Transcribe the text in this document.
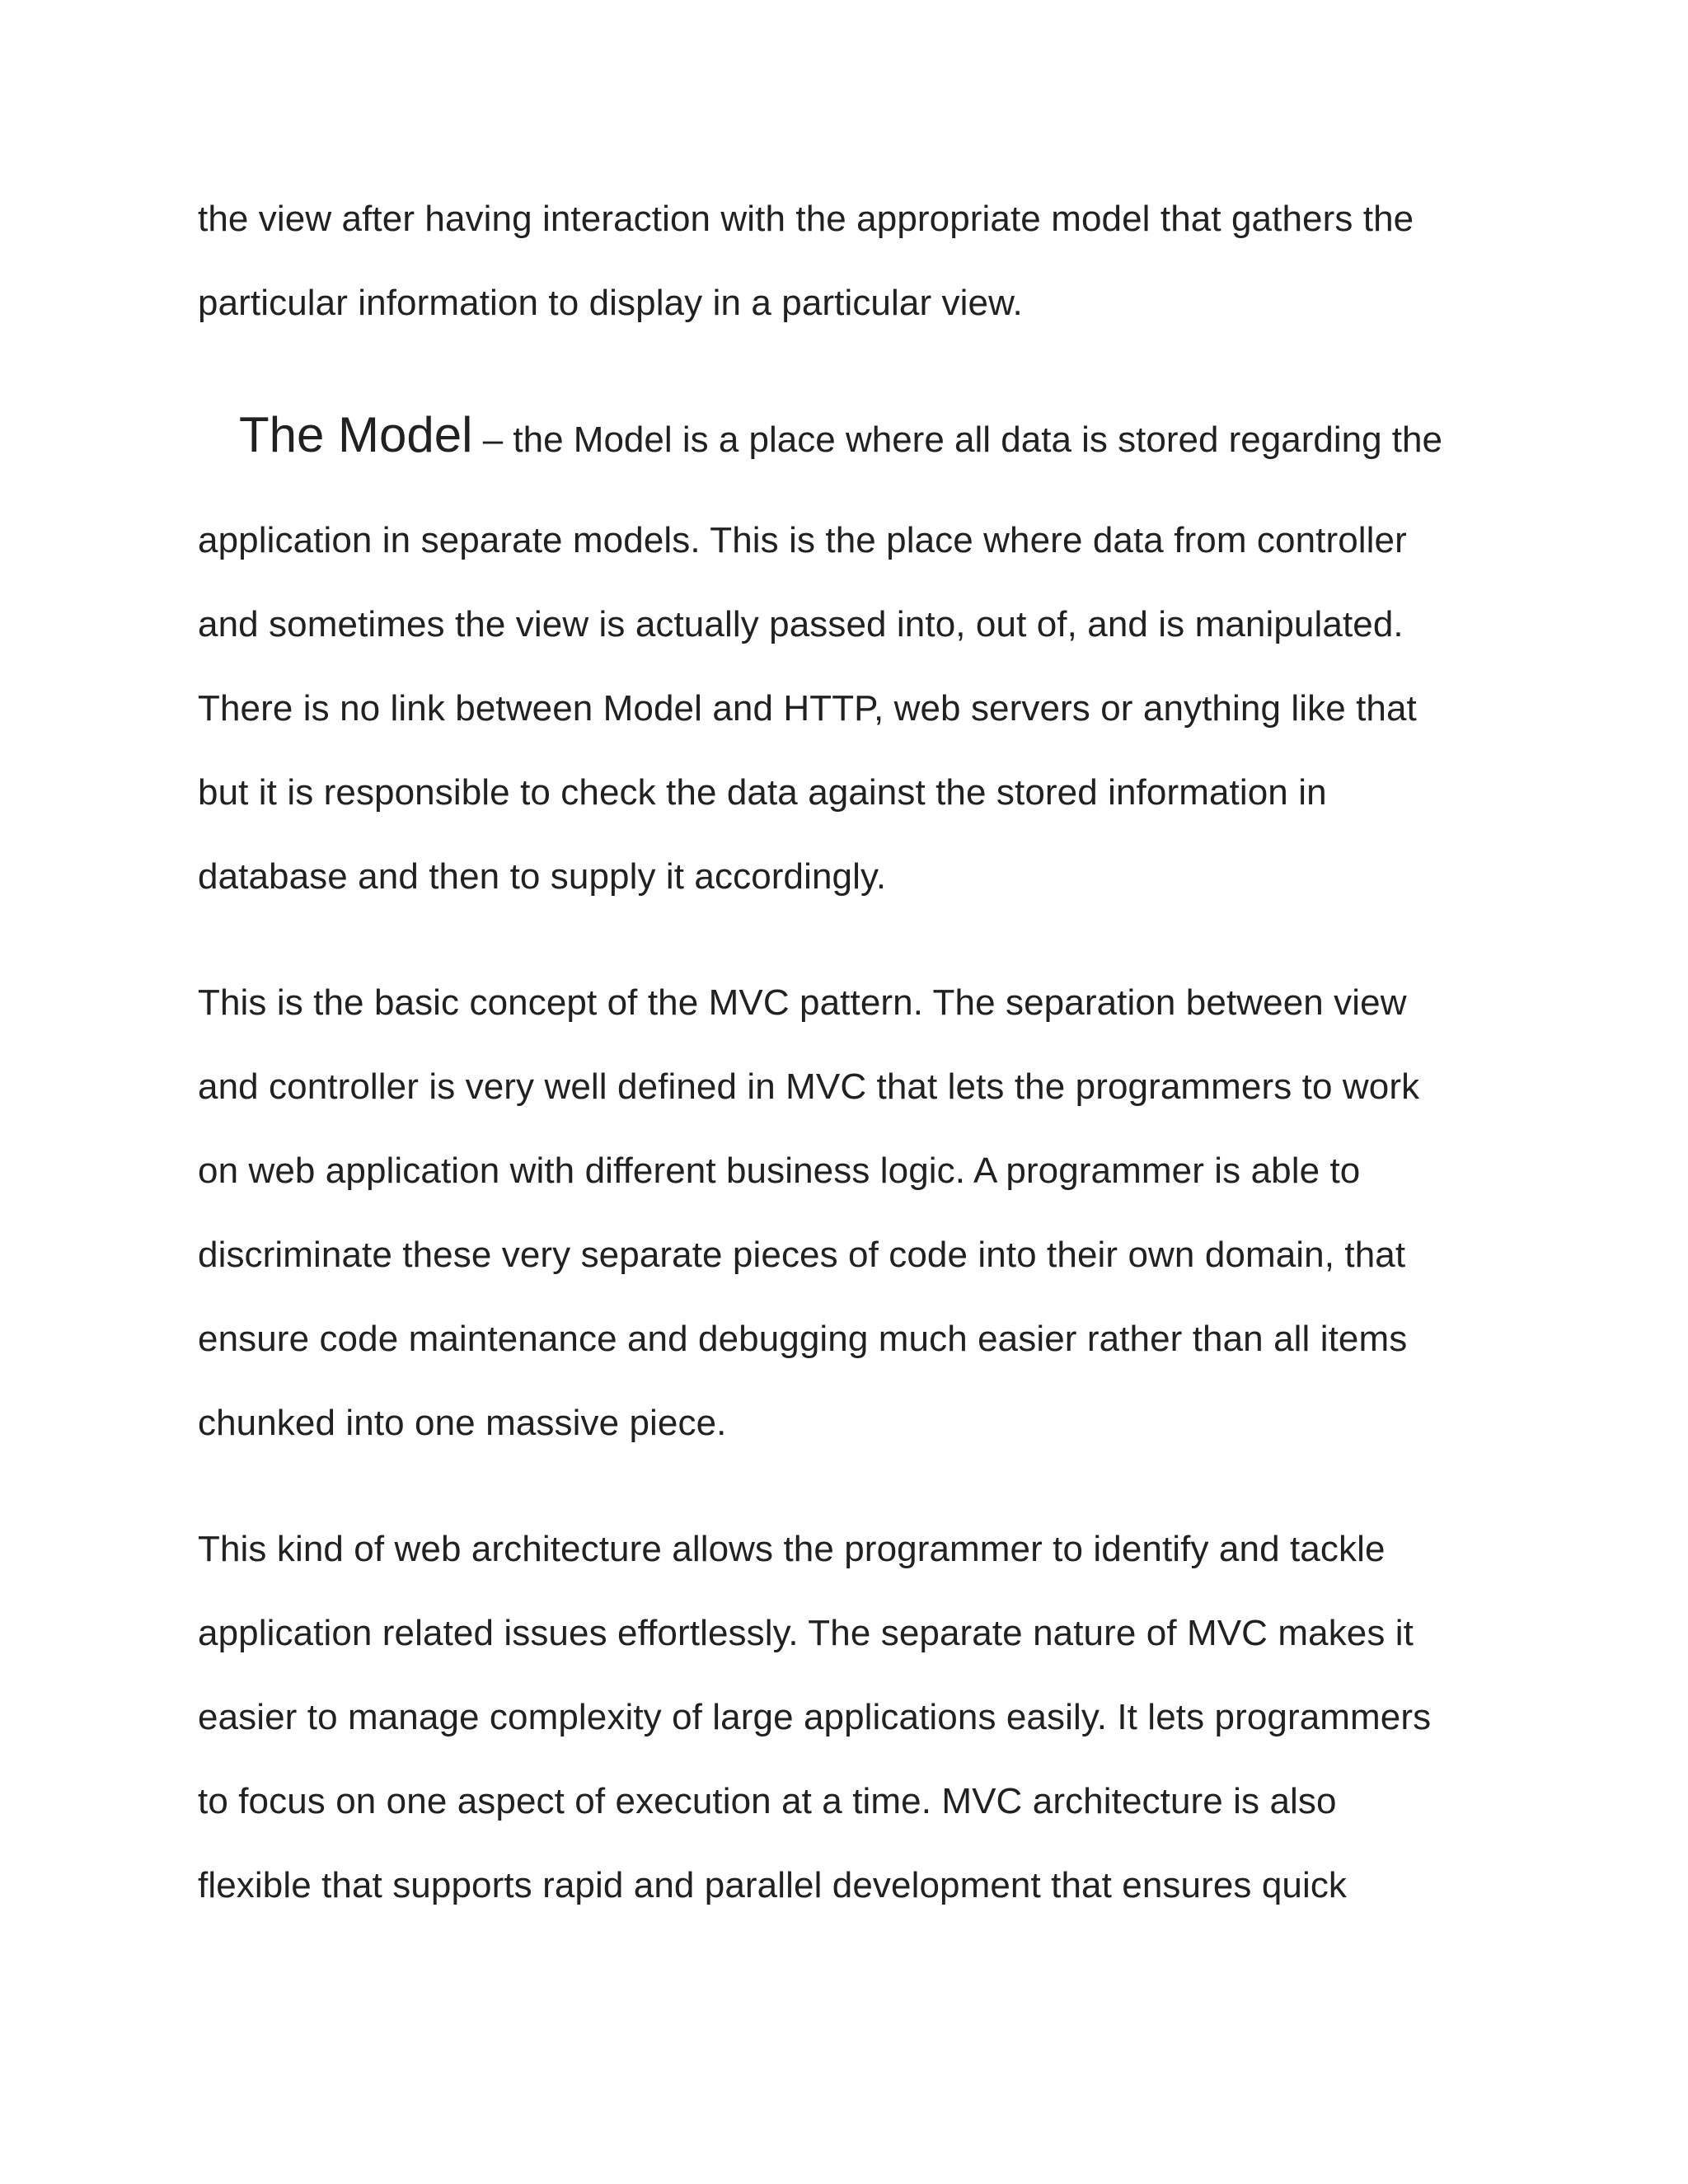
the view after having interaction with the appropriate model that gathers the
particular information to display in a particular view.
The Model – the Model is a place where all data is stored regarding the
application in separate models. This is the place where data from controller
and sometimes the view is actually passed into, out of, and is manipulated.
There is no link between Model and HTTP, web servers or anything like that
but it is responsible to check the data against the stored information in
database and then to supply it accordingly.
This is the basic concept of the MVC pattern. The separation between view
and controller is very well defined in MVC that lets the programmers to work
on web application with different business logic. A programmer is able to
discriminate these very separate pieces of code into their own domain, that
ensure code maintenance and debugging much easier rather than all items
chunked into one massive piece.
This kind of web architecture allows the programmer to identify and tackle
application related issues effortlessly. The separate nature of MVC makes it
easier to manage complexity of large applications easily. It lets programmers
to focus on one aspect of execution at a time. MVC architecture is also
flexible that supports rapid and parallel development that ensures quick
